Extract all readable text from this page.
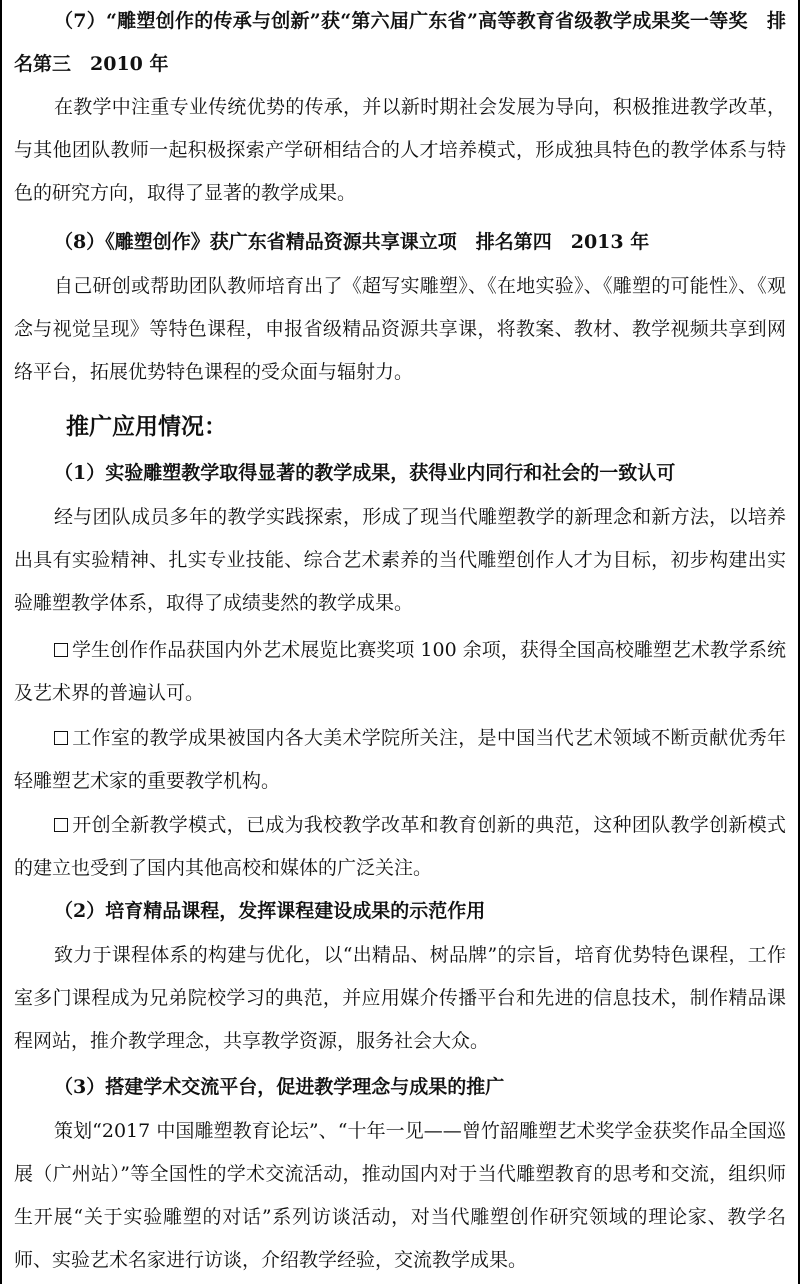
（7）“雕塑创作的传承与创新”获“第六届广东省”高等教育省级教学成果奖一等奖　排名第三　2010 年

在教学中注重专业传统优势的传承，并以新时期社会发展为导向，积极推进教学改革，与其他团队教师一起积极探索产学研相结合的人才培养模式，形成独具特色的教学体系与特色的研究方向，取得了显著的教学成果。

（8）《雕塑创作》获广东省精品资源共享课立项　排名第四　2013 年

自己研创或帮助团队教师培育出了《超写实雕塑》、《在地实验》、《雕塑的可能性》、《观念与视觉呈现》等特色课程，申报省级精品资源共享课，将教案、教材、教学视频共享到网络平台，拓展优势特色课程的受众面与辐射力。

推广应用情况：

（1）实验雕塑教学取得显著的教学成果，获得业内同行和社会的一致认可

经与团队成员多年的教学实践探索，形成了现当代雕塑教学的新理念和新方法，以培养出具有实验精神、扎实专业技能、综合艺术素养的当代雕塑创作人才为目标，初步构建出实验雕塑教学体系，取得了成绩斐然的教学成果。

学生创作作品获国内外艺术展览比赛奖项 100 余项，获得全国高校雕塑艺术教学系统及艺术界的普遍认可。

工作室的教学成果被国内各大美术学院所关注，是中国当代艺术领域不断贡献优秀年轻雕塑艺术家的重要教学机构。

开创全新教学模式，已成为我校教学改革和教育创新的典范，这种团队教学创新模式的建立也受到了国内其他高校和媒体的广泛关注。

（2）培育精品课程，发挥课程建设成果的示范作用

致力于课程体系的构建与优化，以“出精品、树品牌”的宗旨，培育优势特色课程，工作室多门课程成为兄弟院校学习的典范，并应用媒介传播平台和先进的信息技术，制作精品课程网站，推介教学理念，共享教学资源，服务社会大众。

（3）搭建学术交流平台，促进教学理念与成果的推广

策划“2017 中国雕塑教育论坛”、“十年一见——曾竹韶雕塑艺术奖学金获奖作品全国巡展（广州站）”等全国性的学术交流活动，推动国内对于当代雕塑教育的思考和交流，组织师生开展“关于实验雕塑的对话”系列访谈活动，对当代雕塑创作研究领域的理论家、教学名师、实验艺术名家进行访谈，介绍教学经验，交流教学成果。
